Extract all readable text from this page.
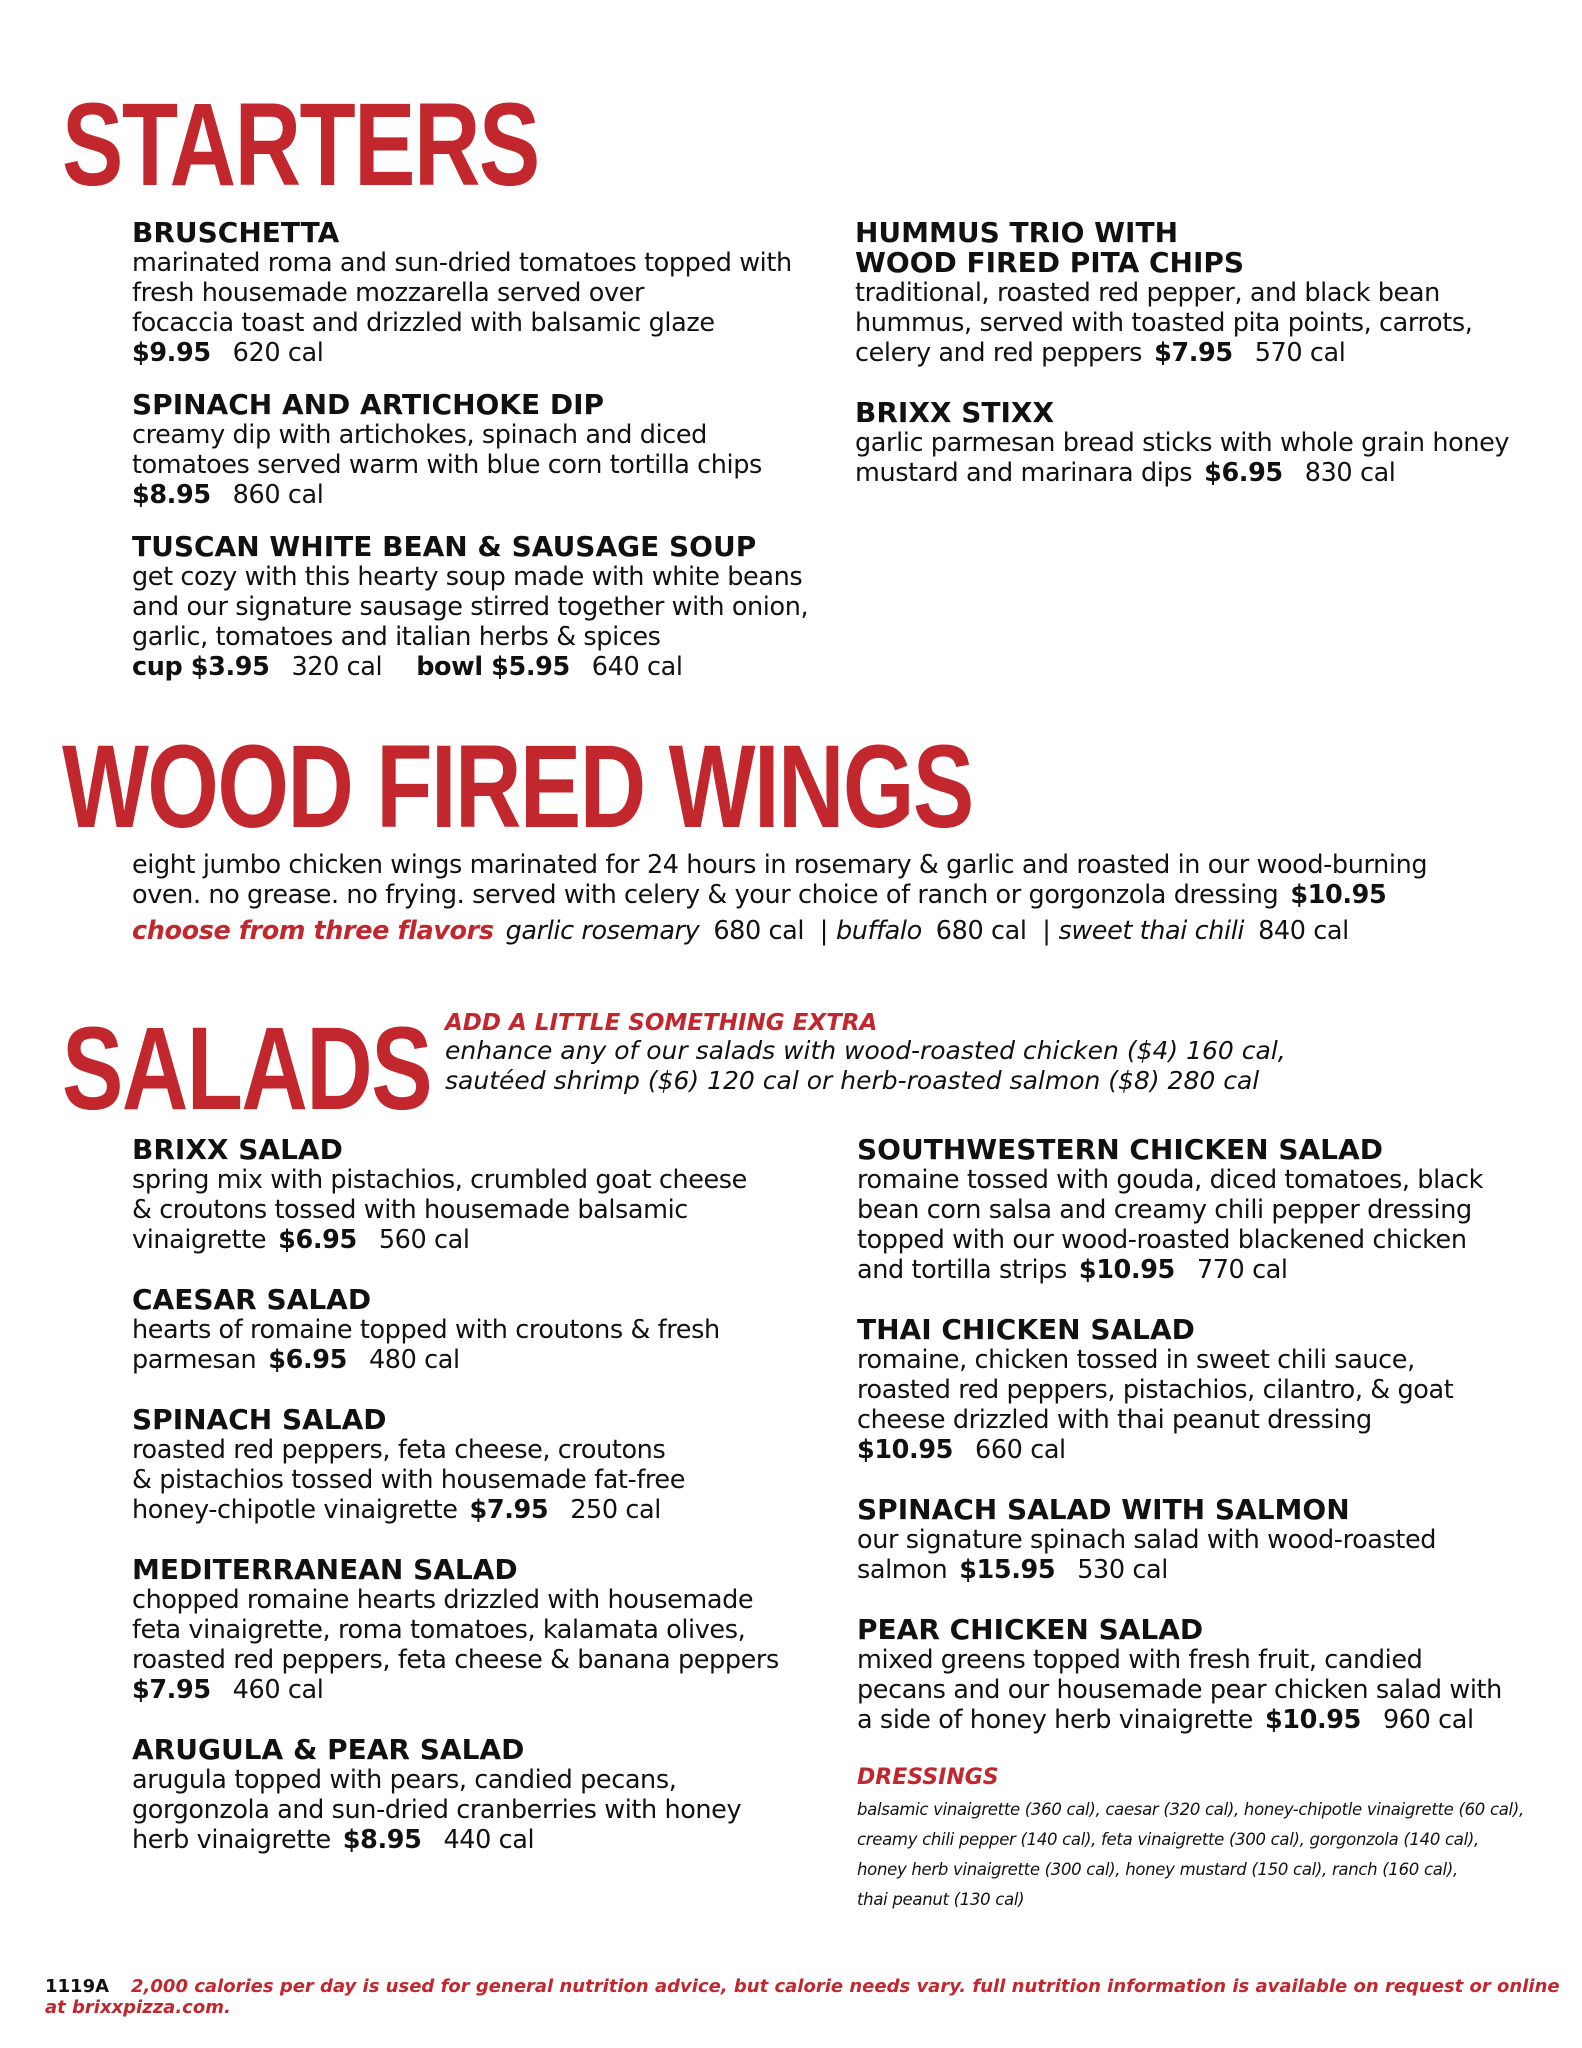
STARTERS

BRUSCHETTA

marinated roma and sun-dried tomatoes topped with

fresh housemade mozzarella served over

focaccia toast and drizzled with balsamic glaze

$9.95 620 cal

SPINACH AND ARTICHOKE DIP

creamy dip with artichokes, spinach and diced

tomatoes served warm with blue corn tortilla chips

$8.95 860 cal

TUSCAN WHITE BEAN & SAUSAGE SOUP

get cozy with this hearty soup made with white beans

and our signature sausage stirred together with onion,

garlic, tomatoes and italian herbs & spices

cup $3.95 320 cal bowl $5.95 640 cal

HUMMUS TRIO WITH

WOOD FIRED PITA CHIPS

traditional, roasted red pepper, and black bean

hummus, served with toasted pita points, carrots,

celery and red peppers $7.95 570 cal

BRIXX STIXX

garlic parmesan bread sticks with whole grain honey

mustard and marinara dips $6.95 830 cal

WOOD FIRED WINGS

eight jumbo chicken wings marinated for 24 hours in rosemary & garlic and roasted in our wood-burning

oven. no grease. no frying. served with celery & your choice of ranch or gorgonzola dressing $10.95

choose from three flavors garlic rosemary 680 cal | buffalo 680 cal | sweet thai chili 840 cal

SALADS ADD A LITTLE SOMETHING EXTRA

enhance any of our salads with wood-roasted chicken ($4) 160 cal,

sautéed shrimp ($6) 120 cal or herb-roasted salmon ($8) 280 cal

BRIXX SALAD

spring mix with pistachios, crumbled goat cheese

& croutons tossed with housemade balsamic

vinaigrette $6.95 560 cal

CAESAR SALAD

hearts of romaine topped with croutons & fresh

parmesan $6.95 480 cal

SPINACH SALAD

roasted red peppers, feta cheese, croutons

& pistachios tossed with housemade fat-free

honey-chipotle vinaigrette $7.95 250 cal

MEDITERRANEAN SALAD

chopped romaine hearts drizzled with housemade

feta vinaigrette, roma tomatoes, kalamata olives,

roasted red peppers, feta cheese & banana peppers

$7.95 460 cal

ARUGULA & PEAR SALAD

arugula topped with pears, candied pecans,

gorgonzola and sun-dried cranberries with honey

herb vinaigrette $8.95 440 cal

SOUTHWESTERN CHICKEN SALAD

romaine tossed with gouda, diced tomatoes, black

bean corn salsa and creamy chili pepper dressing

topped with our wood-roasted blackened chicken

and tortilla strips $10.95 770 cal

THAI CHICKEN SALAD

romaine, chicken tossed in sweet chili sauce,

roasted red peppers, pistachios, cilantro, & goat

cheese drizzled with thai peanut dressing

$10.95 660 cal

SPINACH SALAD WITH SALMON

our signature spinach salad with wood-roasted

salmon $15.95 530 cal

PEAR CHICKEN SALAD

mixed greens topped with fresh fruit, candied

pecans and our housemade pear chicken salad with

a side of honey herb vinaigrette $10.95 960 cal

DRESSINGS

balsamic vinaigrette (360 cal), caesar (320 cal), honey-chipotle vinaigrette (60 cal),

creamy chili pepper (140 cal), feta vinaigrette (300 cal), gorgonzola (140 cal),

honey herb vinaigrette (300 cal), honey mustard (150 cal), ranch (160 cal),

thai peanut (130 cal)

1119A 2,000 calories per day is used for general nutrition advice, but calorie needs vary. full nutrition information is available on request or online at brixxpizza.com.
